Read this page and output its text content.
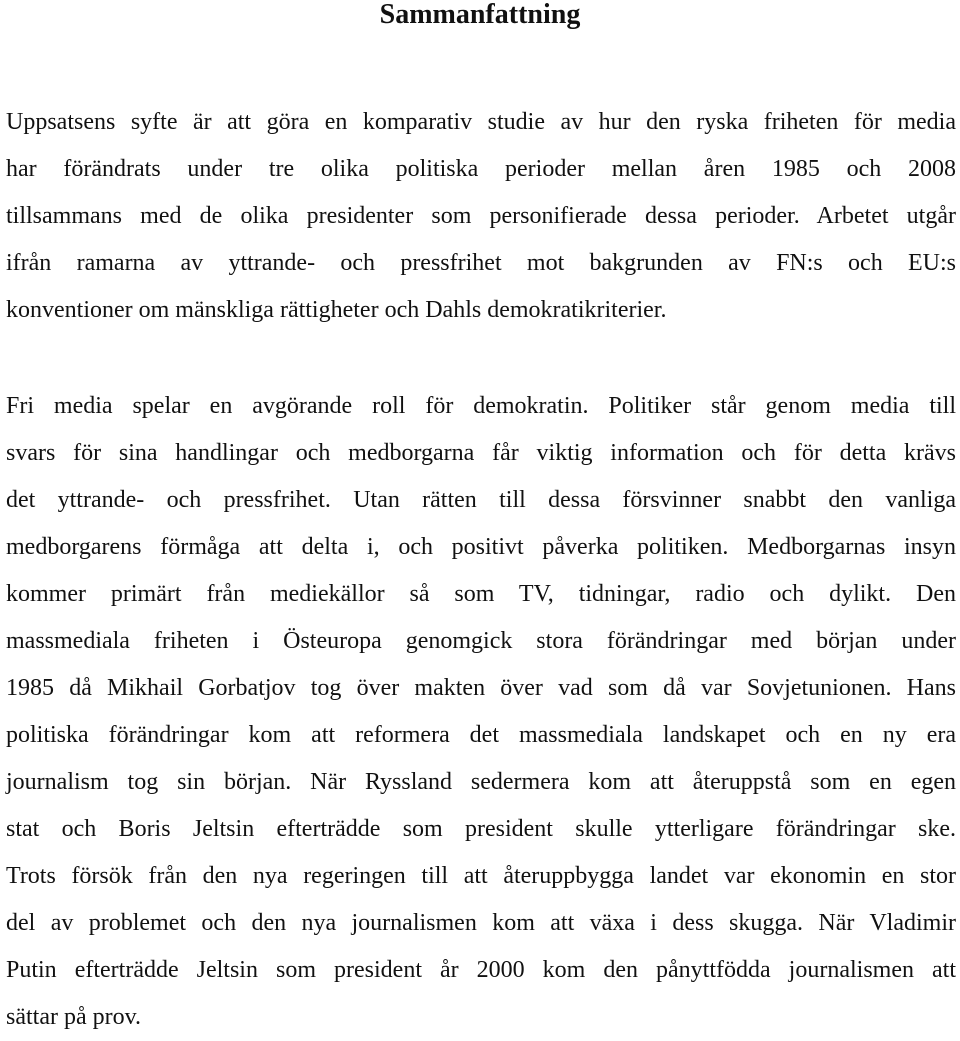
Sammanfattning

Uppsatsens syfte är att göra en komparativ studie av hur den ryska friheten för media
har förändrats under tre olika politiska perioder mellan åren 1985 och 2008
tillsammans med de olika presidenter som personifierade dessa perioder. Arbetet utgår
ifrån ramarna av yttrande- och pressfrihet mot bakgrunden av FN:s och EU:s
konventioner om mänskliga rättigheter och Dahls demokratikriterier.

Fri media spelar en avgörande roll för demokratin. Politiker står genom media till
svars för sina handlingar och medborgarna får viktig information och för detta krävs
det yttrande- och pressfrihet. Utan rätten till dessa försvinner snabbt den vanliga
medborgarens förmåga att delta i, och positivt påverka politiken. Medborgarnas insyn
kommer primärt från mediekällor så som TV, tidningar, radio och dylikt. Den
massmediala friheten i Östeuropa genomgick stora förändringar med början under
1985 då Mikhail Gorbatjov tog över makten över vad som då var Sovjetunionen. Hans
politiska förändringar kom att reformera det massmediala landskapet och en ny era
journalism tog sin början. När Ryssland sedermera kom att återuppstå som en egen
stat och Boris Jeltsin efterträdde som president skulle ytterligare förändringar ske.
Trots försök från den nya regeringen till att återuppbygga landet var ekonomin en stor
del av problemet och den nya journalismen kom att växa i dess skugga. När Vladimir
Putin efterträdde Jeltsin som president år 2000 kom den pånyttfödda journalismen att
sättar på prov.
